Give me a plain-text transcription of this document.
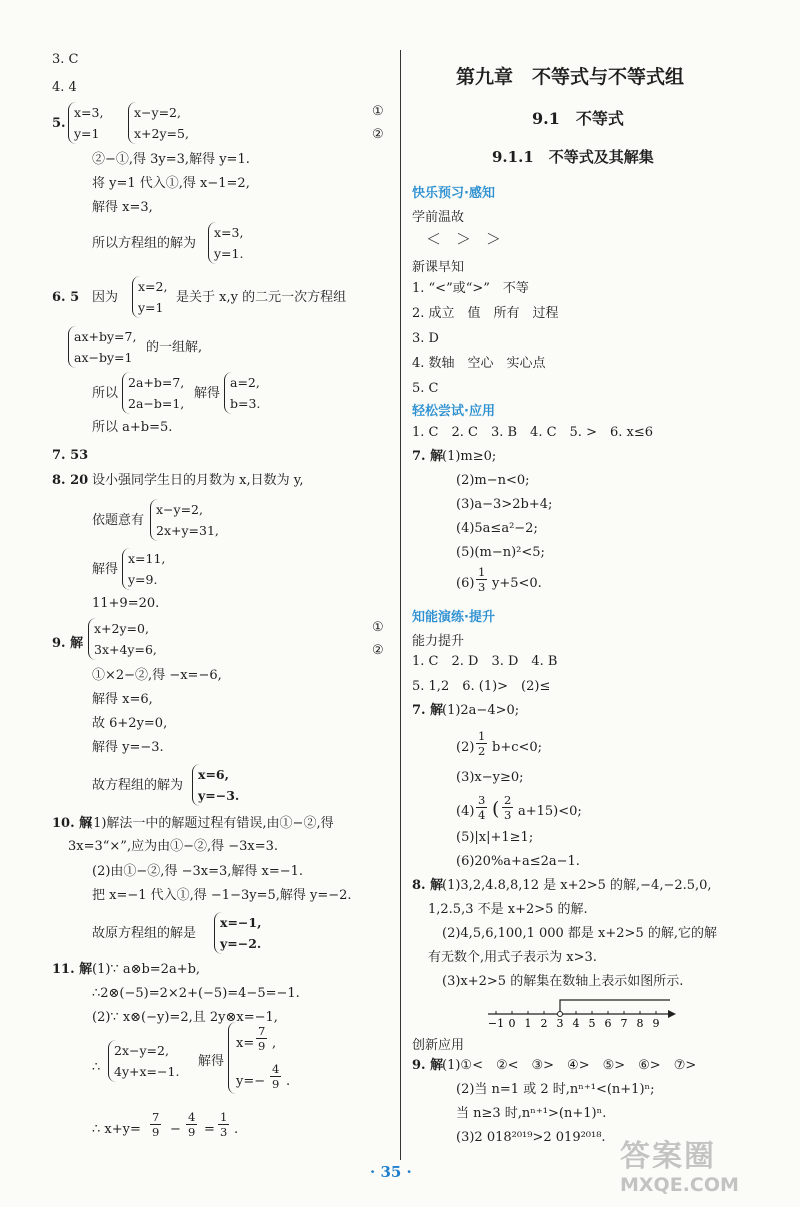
3. C
4. 4
5.
x=3,
y=1
x−y=2,
x+2y=5,
①
②
②−①,得 3y=3,解得 y=1.
将 y=1 代入①,得 x−1=2,
解得 x=3,
所以方程组的解为
x=3,
y=1.
6. 5 因为
x=2,
y=1
是关于 x,y 的二元一次方程组
ax+by=7,
ax−by=1
的一组解,
所以
2a+b=7,
2a−b=1,
解得
a=2,
b=3.
所以 a+b=5.
7. 53
8. 20 设小强同学生日的月数为 x,日数为 y,
依题意有
x−y=2,
2x+y=31,
解得
x=11,
y=9.
11+9=20.
9. 解
x+2y=0,
3x+4y=6,
①
②
①×2−②,得 −x=−6,
解得 x=6,
故 6+2y=0,
解得 y=−3.
故方程组的解为
x=6,
y=−3.
10. 解
(1)解法一中的解题过程有错误,由①−②,得
3x=3“×”,应为由①−②,得 −3x=3.
(2)由①−②,得 −3x=3,解得 x=−1.
把 x=−1 代入①,得 −1−3y=5,解得 y=−2.
故原方程组的解是
x=−1,
y=−2.
11. 解 (1)∵ a⊗b=2a+b,
∴2⊗(−5)=2×2+(−5)=4−5=−1.
(2)∵ x⊗(−y)=2,且 2y⊗x=−1,
∴
2x−y=2,
4y+x=−1.
解得
$x= \frac{7}{9}$ ,
$y=- \frac{4}{9}$ .
∴ $x+y= \frac{7}{9} - \frac{4}{9} = \frac{1}{3}$ .
第九章　不等式与不等式组
9.1　不等式
9.1.1　不等式及其解集
快乐预习·感知
学前温故
＜　＞　＞
新课早知
1. “<”或“>”　不等
2. 成立　值　所有　过程
3. D
4. 数轴　空心　实心点
5. C
轻松尝试·应用
1. C　2. C　3. B　4. C　5. >　6. x≤6
7. 解
(1)m≥0;
(2)m−n<0;
(3)a−3>2b+4;
(4)5a≤a²−2;
(5)(m−n)²<5;
$(6) \frac{1}{3} y+5<0$.
知能演练·提升
能力提升
1. C　2. D　3. D　4. B
5. 1,2　6. (1)>　(2)≤
7. 解
(1)2a−4>0;
$(2) \frac{1}{2} b+c<0$;
(3)x−y≥0;
$(4) \frac{3}{4}$ ( $\frac{2}{3} a+15)<0$;
(5)|x|+1≥1;
(6)20%a+a≤2a−1.
8. 解
(1)3,2,4.8,8,12 是 x+2>5 的解,−4,−2.5,0,
1,2.5,3 不是 x+2>5 的解.
(2)4,5,6,100,1 000 都是 x+2>5 的解,它的解
有无数个,用式子表示为 x>3.
(3)x+2>5 的解集在数轴上表示如图所示.
−1 0 1 2 3 4 5 6 7 8 9
创新应用
9. 解
(1)①<　②<　③>　④>　⑤>　⑥>　⑦>
(2)当 n=1 或 2 时,nⁿ⁺¹<(n+1)ⁿ;
当 n≥3 时,nⁿ⁺¹>(n+1)ⁿ.
(3)2 018²⁰¹⁹>2 019²⁰¹⁸.
· 35 ·	答案圈
MXQE.COM
